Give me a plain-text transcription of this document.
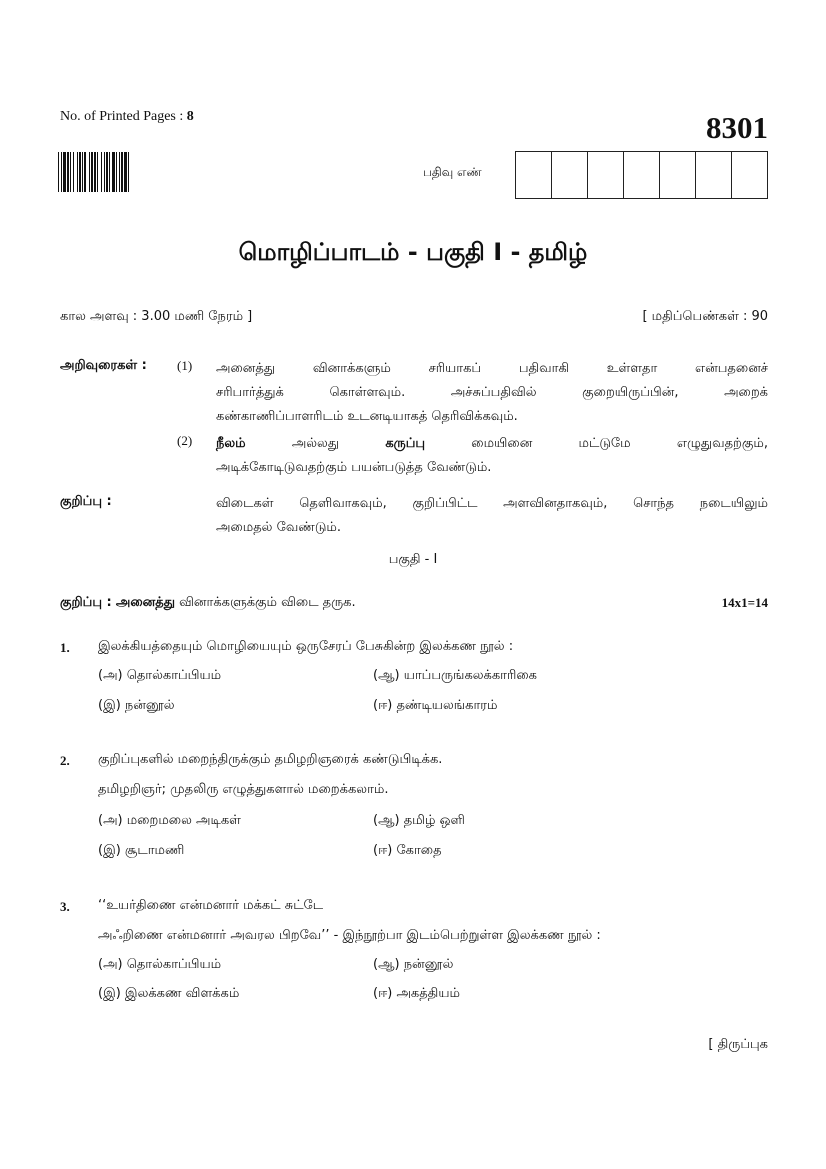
No. of Printed Pages : 8	8301
பதிவு எண்
மொழிப்பாடம் - பகுதி I - தமிழ்
கால அளவு : 3.00 மணி நேரம் ]	[ மதிப்பெண்கள் : 90
அறிவுரைகள் : (1) அனைத்து வினாக்களும் சரியாகப் பதிவாகி உள்ளதா என்பதனைச்
சரிபார்த்துக் கொள்ளவும். அச்சுப்பதிவில் குறையிருப்பின், அறைக்
கண்காணிப்பாளரிடம் உடனடியாகத் தெரிவிக்கவும்.
(2) நீலம்	அல்லது	கருப்பு	மையினை	மட்டுமே	எழுதுவதற்கும்,
அடிக்கோடிடுவதற்கும் பயன்படுத்த வேண்டும்.
குறிப்பு :	விடைகள் தெளிவாகவும், குறிப்பிட்ட அளவினதாகவும், சொந்த நடையிலும்
அமைதல் வேண்டும்.
பகுதி - I
குறிப்பு : அனைத்து வினாக்களுக்கும் விடை தருக.	14x1=14
1. இலக்கியத்தையும் மொழியையும் ஒருசேரப் பேசுகின்ற இலக்கண நூல் :
(அ) தொல்காப்பியம்	(ஆ) யாப்பருங்கலக்காரிகை
(இ) நன்னூல்	(ஈ) தண்டியலங்காரம்
2. குறிப்புகளில் மறைந்திருக்கும் தமிழறிஞரைக் கண்டுபிடிக்க.
தமிழறிஞர்; முதலிரு எழுத்துகளால் மறைக்கலாம்.
(அ) மறைமலை அடிகள்	(ஆ) தமிழ் ஒளி
(இ) சூடாமணி	(ஈ) கோதை
3. ‘‘உயர்திணை என்மனார் மக்கட் சுட்டே
அஃறிணை என்மனார் அவரல பிறவே’’ - இந்நூற்பா இடம்பெற்றுள்ள இலக்கண நூல் :
(அ) தொல்காப்பியம்	(ஆ) நன்னூல்
(இ) இலக்கண விளக்கம்	(ஈ) அகத்தியம்
[ திருப்புக
